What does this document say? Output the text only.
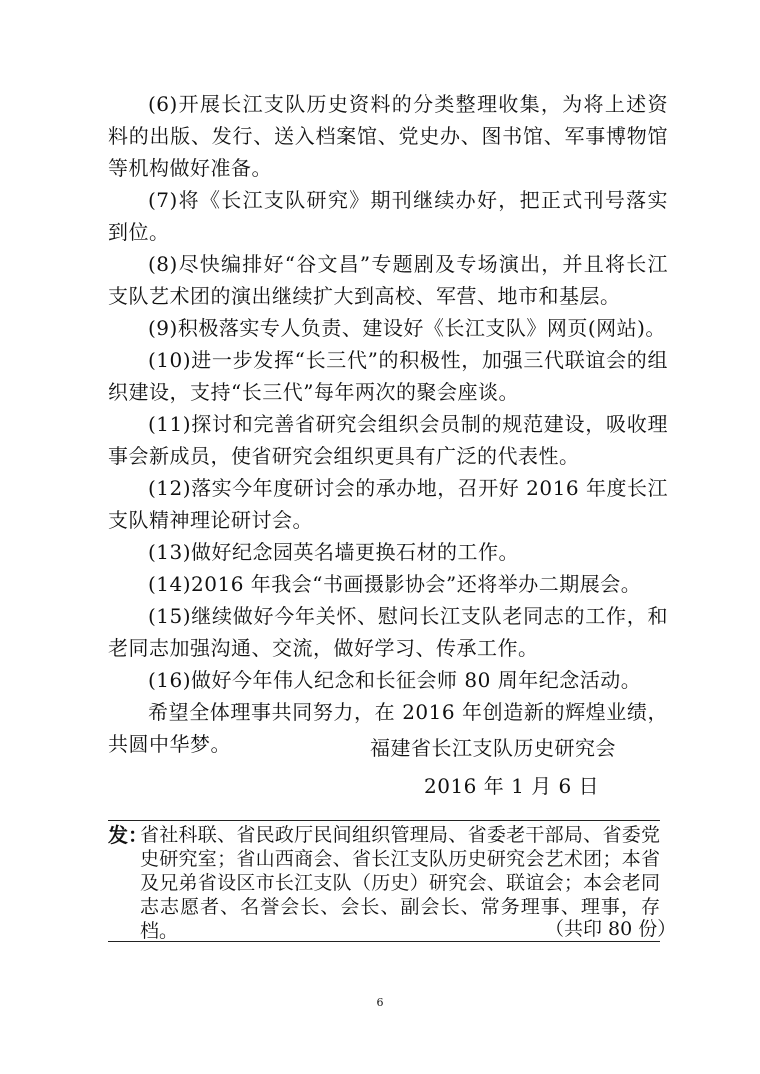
(6)开展长江支队历史资料的分类整理收集，为将上述资料的出版、发行、送入档案馆、党史办、图书馆、军事博物馆等机构做好准备。

(7)将《长江支队研究》期刊继续办好，把正式刊号落实到位。

(8)尽快编排好“谷文昌”专题剧及专场演出，并且将长江支队艺术团的演出继续扩大到高校、军营、地市和基层。

(9)积极落实专人负责、建设好《长江支队》网页(网站)。

(10)进一步发挥“长三代”的积极性，加强三代联谊会的组织建设，支持“长三代”每年两次的聚会座谈。

(11)探讨和完善省研究会组织会员制的规范建设，吸收理事会新成员，使省研究会组织更具有广泛的代表性。

(12)落实今年度研讨会的承办地，召开好 2016 年度长江支队精神理论研讨会。

(13)做好纪念园英名墙更换石材的工作。

(14)2016 年我会“书画摄影协会”还将举办二期展会。

(15)继续做好今年关怀、慰问长江支队老同志的工作，和老同志加强沟通、交流，做好学习、传承工作。

(16)做好今年伟人纪念和长征会师 80 周年纪念活动。

希望全体理事共同努力，在 2016 年创造新的辉煌业绩，共圆中华梦。	福建省长江支队历史研究会
2016 年 1 月 6 日
发：
省社科联、省民政厅民间组织管理局、省委老干部局、省委党史研究室；省山西商会、省长江支队历史研究会艺术团；本省及兄弟省设区市长江支队（历史）研究会、联谊会；本会老同志志愿者、名誉会长、会长、副会长、常务理事、理事，存档。	（共印 80 份）
6
